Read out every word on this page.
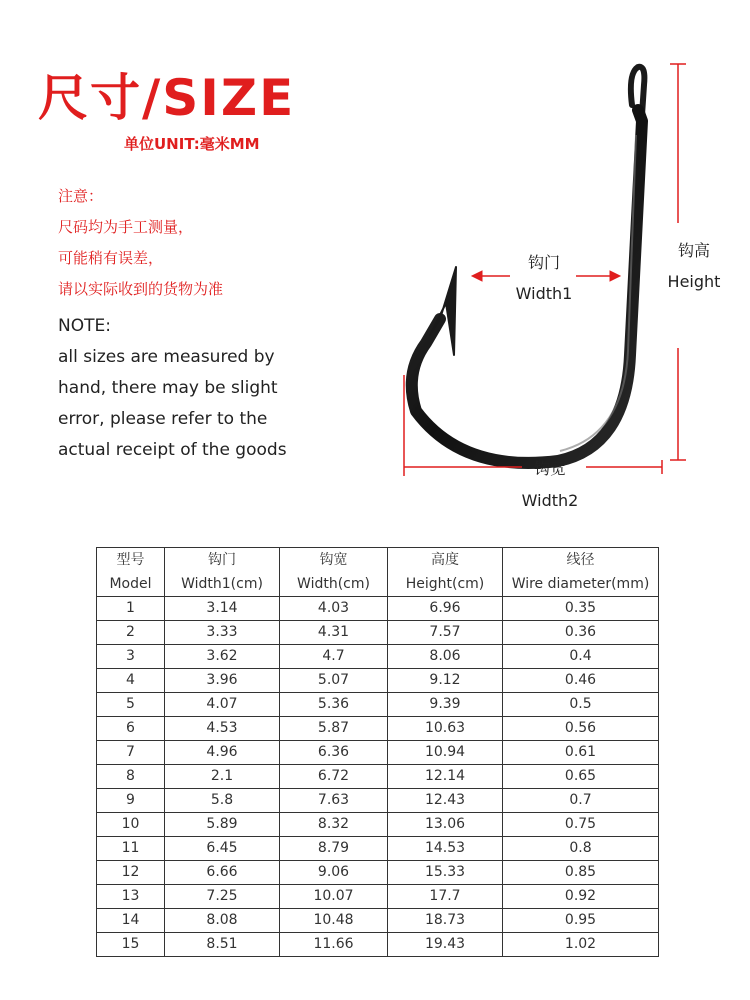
尺寸/SIZE
单位UNIT:毫米MM
注意：
尺码均为手工测量，
可能稍有误差，
请以实际收到的货物为准
NOTE:
all sizes are measured by
hand, there may be slight
error, please refer to the
actual receipt of the goods
钩门
Width1
钩高
Height
钩宽
Width2
型号	钩门	钩宽	高度	线径
Model	Width1(cm)	Width(cm)	Height(cm)	Wire diameter(mm)
1	3.14	4.03	6.96	0.35
2	3.33	4.31	7.57	0.36
3	3.62	4.7	8.06	0.4
4	3.96	5.07	9.12	0.46
5	4.07	5.36	9.39	0.5
6	4.53	5.87	10.63	0.56
7	4.96	6.36	10.94	0.61
8	2.1	6.72	12.14	0.65
9	5.8	7.63	12.43	0.7
10	5.89	8.32	13.06	0.75
11	6.45	8.79	14.53	0.8
12	6.66	9.06	15.33	0.85
13	7.25	10.07	17.7	0.92
14	8.08	10.48	18.73	0.95
15	8.51	11.66	19.43	1.02
